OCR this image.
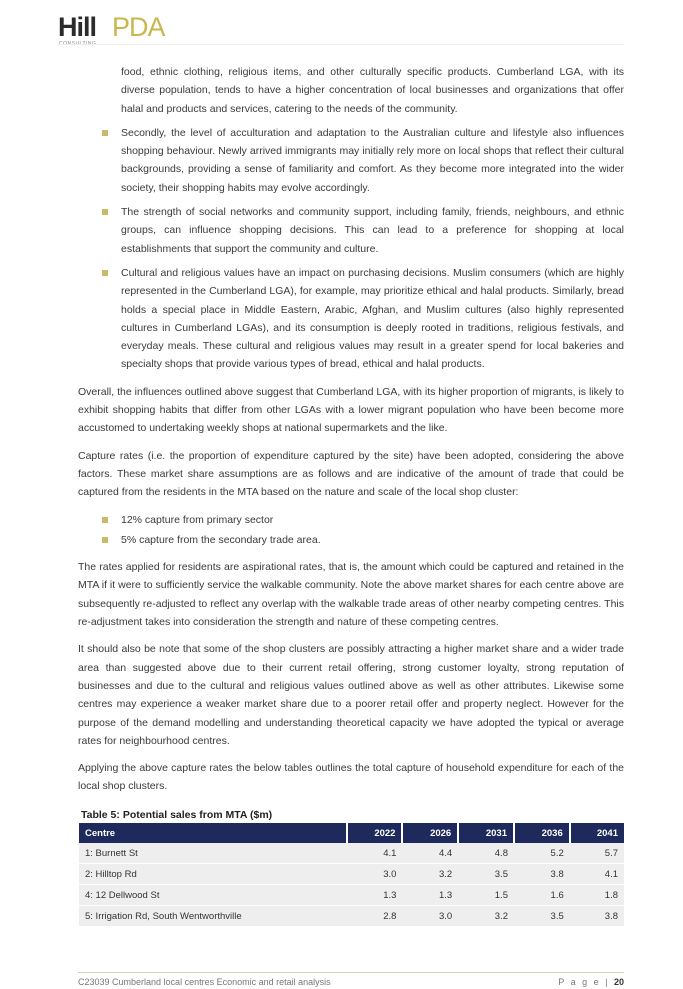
Hill PDA

food, ethnic clothing, religious items, and other culturally specific products. Cumberland LGA, with its diverse population, tends to have a higher concentration of local businesses and organizations that offer halal and products and services, catering to the needs of the community.

Secondly, the level of acculturation and adaptation to the Australian culture and lifestyle also influences shopping behaviour. Newly arrived immigrants may initially rely more on local shops that reflect their cultural backgrounds, providing a sense of familiarity and comfort. As they become more integrated into the wider society, their shopping habits may evolve accordingly.
The strength of social networks and community support, including family, friends, neighbours, and ethnic groups, can influence shopping decisions. This can lead to a preference for shopping at local establishments that support the community and culture.
Cultural and religious values have an impact on purchasing decisions. Muslim consumers (which are highly represented in the Cumberland LGA), for example, may prioritize ethical and halal products. Similarly, bread holds a special place in Middle Eastern, Arabic, Afghan, and Muslim cultures (also highly represented cultures in Cumberland LGAs), and its consumption is deeply rooted in traditions, religious festivals, and everyday meals. These cultural and religious values may result in a greater spend for local bakeries and specialty shops that provide various types of bread, ethical and halal products.

Overall, the influences outlined above suggest that Cumberland LGA, with its higher proportion of migrants, is likely to exhibit shopping habits that differ from other LGAs with a lower migrant population who have been become more accustomed to undertaking weekly shops at national supermarkets and the like.

Capture rates (i.e. the proportion of expenditure captured by the site) have been adopted, considering the above factors. These market share assumptions are as follows and are indicative of the amount of trade that could be captured from the residents in the MTA based on the nature and scale of the local shop cluster:

12% capture from primary sector
5% capture from the secondary trade area.

The rates applied for residents are aspirational rates, that is, the amount which could be captured and retained in the MTA if it were to sufficiently service the walkable community. Note the above market shares for each centre above are subsequently re-adjusted to reflect any overlap with the walkable trade areas of other nearby competing centres. This re-adjustment takes into consideration the strength and nature of these competing centres.

It should also be note that some of the shop clusters are possibly attracting a higher market share and a wider trade area than suggested above due to their current retail offering, strong customer loyalty, strong reputation of businesses and due to the cultural and religious values outlined above as well as other attributes. Likewise some centres may experience a weaker market share due to a poorer retail offer and property neglect. However for the purpose of the demand modelling and understanding theoretical capacity we have adopted the typical or average rates for neighbourhood centres.

Applying the above capture rates the below tables outlines the total capture of household expenditure for each of the local shop clusters.

Table 5: Potential sales from MTA ($m)
Centre	2022	2026	2031	2036	2041
1: Burnett St	4.1	4.4	4.8	5.2	5.7
2: Hilltop Rd	3.0	3.2	3.5	3.8	4.1
4: 12 Dellwood St	1.3	1.3	1.5	1.6	1.8
5: Irrigation Rd, South Wentworthville	2.8	3.0	3.2	3.5	3.8
C23039 Cumberland local centres Economic and retail analysis	P a g e | 20
